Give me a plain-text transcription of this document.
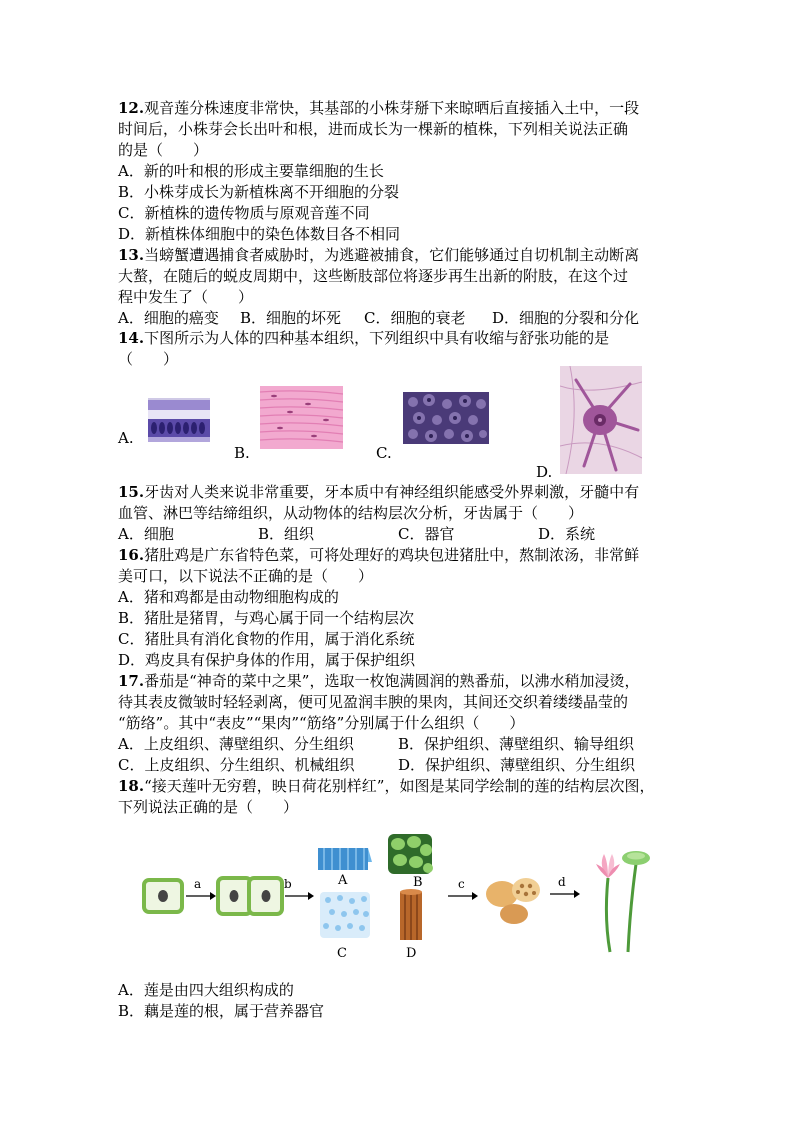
12.观音莲分株速度非常快，其基部的小株芽掰下来晾晒后直接插入土中，一段
时间后，小株芽会长出叶和根，进而成长为一棵新的植株，下列相关说法正确
的是（　　）
A．新的叶和根的形成主要靠细胞的生长
B．小株芽成长为新植株离不开细胞的分裂
C．新植株的遗传物质与原观音莲不同
D．新植株体细胞中的染色体数目各不相同
13.当螃蟹遭遇捕食者威胁时，为逃避被捕食，它们能够通过自切机制主动断离
大螯，在随后的蜕皮周期中，这些断肢部位将逐步再生出新的附肢，在这个过
程中发生了（　　）
A．细胞的癌变 B．细胞的坏死 C．细胞的衰老 D．细胞的分裂和分化
14.下图所示为人体的四种基本组织，下列组织中具有收缩与舒张功能的是
（　　）
A.
B.	C.
D.
15.牙齿对人类来说非常重要，牙本质中有神经组织能感受外界刺激，牙髓中有
血管、淋巴等结缔组织，从动物体的结构层次分析，牙齿属于（　　）
A．细胞	B．组织	C．器官	D．系统
16.猪肚鸡是广东省特色菜，可将处理好的鸡块包进猪肚中，熬制浓汤，非常鲜
美可口，以下说法不正确的是（　　）
A．猪和鸡都是由动物细胞构成的
B．猪肚是猪胃，与鸡心属于同一个结构层次
C．猪肚具有消化食物的作用，属于消化系统
D．鸡皮具有保护身体的作用，属于保护组织
17.番茄是“神奇的菜中之果”，选取一枚饱满圆润的熟番茄，以沸水稍加浸烫，
待其表皮微皱时轻轻剥离，便可见盈润丰腴的果肉，其间还交织着缕缕晶莹的
“筋络”。其中“表皮”“果肉”“筋络”分别属于什么组织（　　）
A．上皮组织、薄壁组织、分生组织	B．保护组织、薄壁组织、输导组织
C．上皮组织、分生组织、机械组织	D．保护组织、薄壁组织、分生组织
18.“接天莲叶无穷碧，映日荷花别样红”，如图是某同学绘制的莲的结构层次图，
下列说法正确的是（　　）
a	b	A	B
C	D
c	d
A．莲是由四大组织构成的
B．藕是莲的根，属于营养器官
